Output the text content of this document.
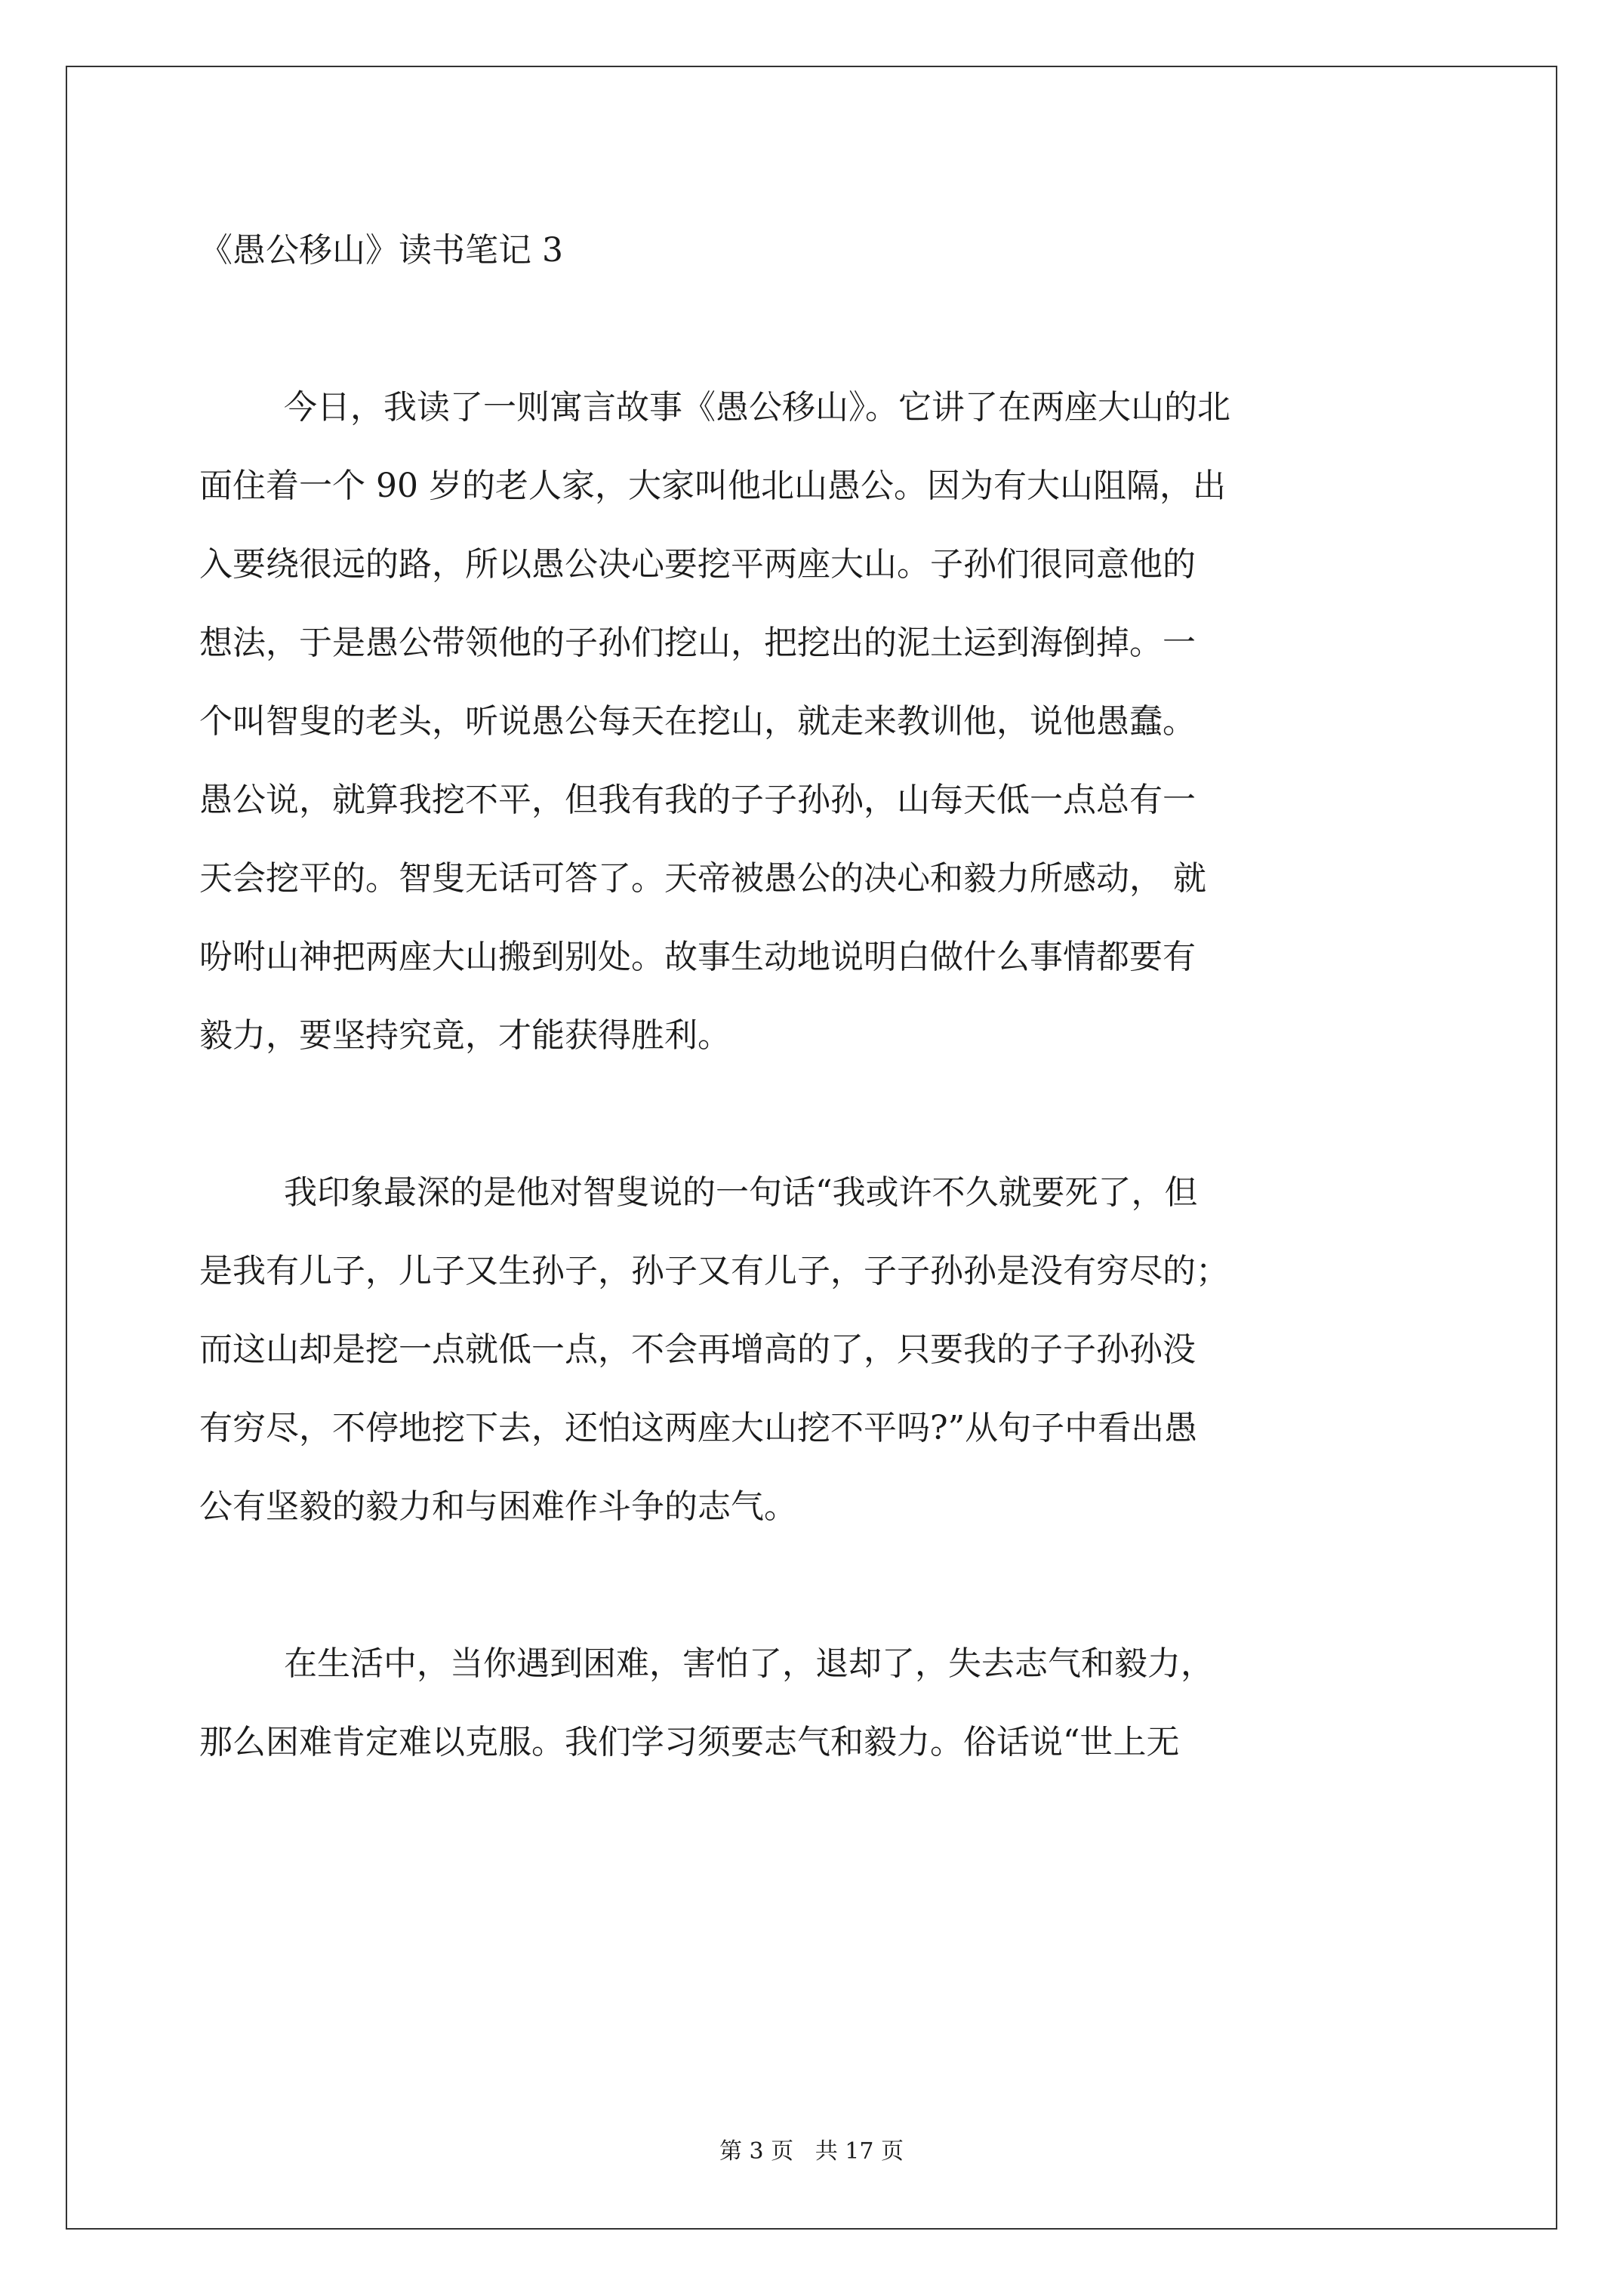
《愚公移山》读书笔记 3
今日，我读了一则寓言故事《愚公移山》。它讲了在两座大山的北
面住着一个 90 岁的老人家，大家叫他北山愚公。因为有大山阻隔，出
入要绕很远的路，所以愚公决心要挖平两座大山。子孙们很同意他的
想法，于是愚公带领他的子孙们挖山，把挖出的泥土运到海倒掉。一
个叫智叟的老头，听说愚公每天在挖山，就走来教训他，说他愚蠢。
愚公说，就算我挖不平，但我有我的子子孙孙，山每天低一点总有一
天会挖平的。智叟无话可答了。天帝被愚公的决心和毅力所感动， 就
吩咐山神把两座大山搬到别处。故事生动地说明白做什么事情都要有
毅力，要坚持究竟，才能获得胜利。
我印象最深的是他对智叟说的一句话“我或许不久就要死了，但
是我有儿子，儿子又生孙子，孙子又有儿子，子子孙孙是没有穷尽的；
而这山却是挖一点就低一点，不会再增高的了，只要我的子子孙孙没
有穷尽，不停地挖下去，还怕这两座大山挖不平吗?”从句子中看出愚
公有坚毅的毅力和与困难作斗争的志气。
在生活中，当你遇到困难，害怕了，退却了，失去志气和毅力，
那么困难肯定难以克服。我们学习须要志气和毅力。俗话说“世上无
第 3 页   共 17 页
